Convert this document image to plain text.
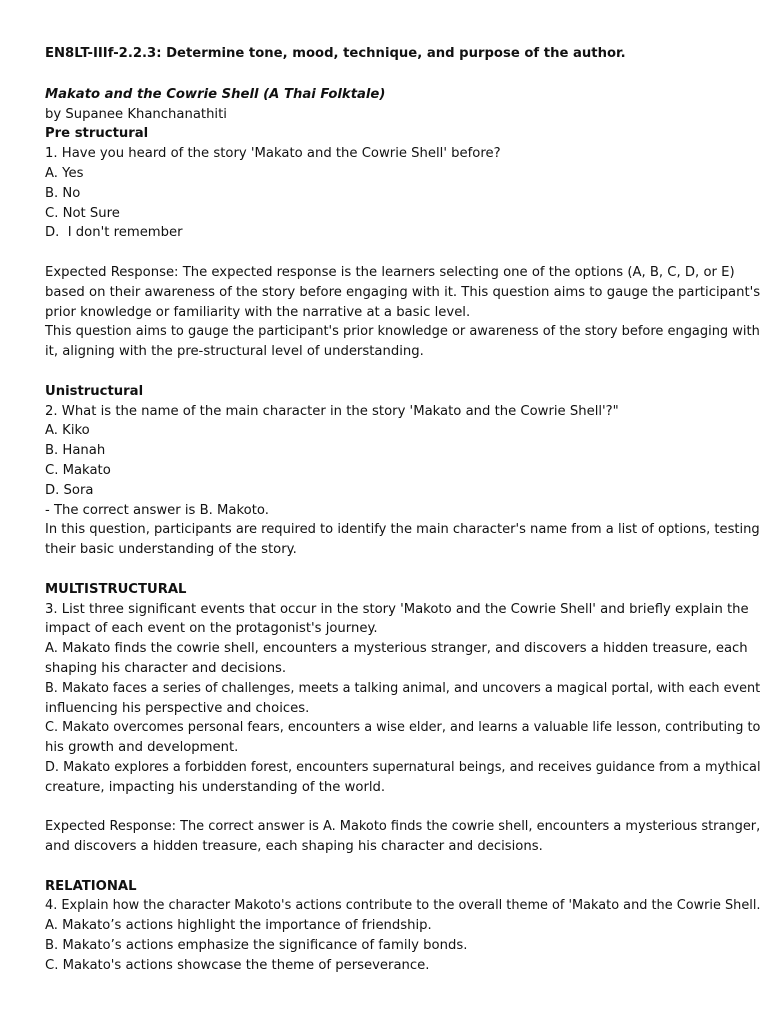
EN8LT-IIIf-2.2.3: Determine tone, mood, technique, and purpose of the author.
Makato and the Cowrie Shell (A Thai Folktale)
by Supanee Khanchanathiti
Pre structural
1. Have you heard of the story 'Makato and the Cowrie Shell' before?
A. Yes
B. No
C. Not Sure
D.  I don't remember
Expected Response: The expected response is the learners selecting one of the options (A, B, C, D, or E)
based on their awareness of the story before engaging with it. This question aims to gauge the participant's
prior knowledge or familiarity with the narrative at a basic level.
This question aims to gauge the participant's prior knowledge or awareness of the story before engaging with
it, aligning with the pre-structural level of understanding.
Unistructural
2. What is the name of the main character in the story 'Makato and the Cowrie Shell'?"
A. Kiko
B. Hanah
C. Makato
D. Sora
- The correct answer is B. Makoto.
In this question, participants are required to identify the main character's name from a list of options, testing
their basic understanding of the story.
MULTISTRUCTURAL
3. List three significant events that occur in the story 'Makoto and the Cowrie Shell' and briefly explain the
impact of each event on the protagonist's journey.
A. Makato finds the cowrie shell, encounters a mysterious stranger, and discovers a hidden treasure, each
shaping his character and decisions.
B. Makato faces a series of challenges, meets a talking animal, and uncovers a magical portal, with each event
influencing his perspective and choices.
C. Makato overcomes personal fears, encounters a wise elder, and learns a valuable life lesson, contributing to
his growth and development.
D. Makato explores a forbidden forest, encounters supernatural beings, and receives guidance from a mythical
creature, impacting his understanding of the world.
Expected Response: The correct answer is A. Makoto finds the cowrie shell, encounters a mysterious stranger,
and discovers a hidden treasure, each shaping his character and decisions.
RELATIONAL
4. Explain how the character Makoto's actions contribute to the overall theme of 'Makato and the Cowrie Shell.
A. Makato’s actions highlight the importance of friendship.
B. Makato’s actions emphasize the significance of family bonds.
C. Makato's actions showcase the theme of perseverance.
